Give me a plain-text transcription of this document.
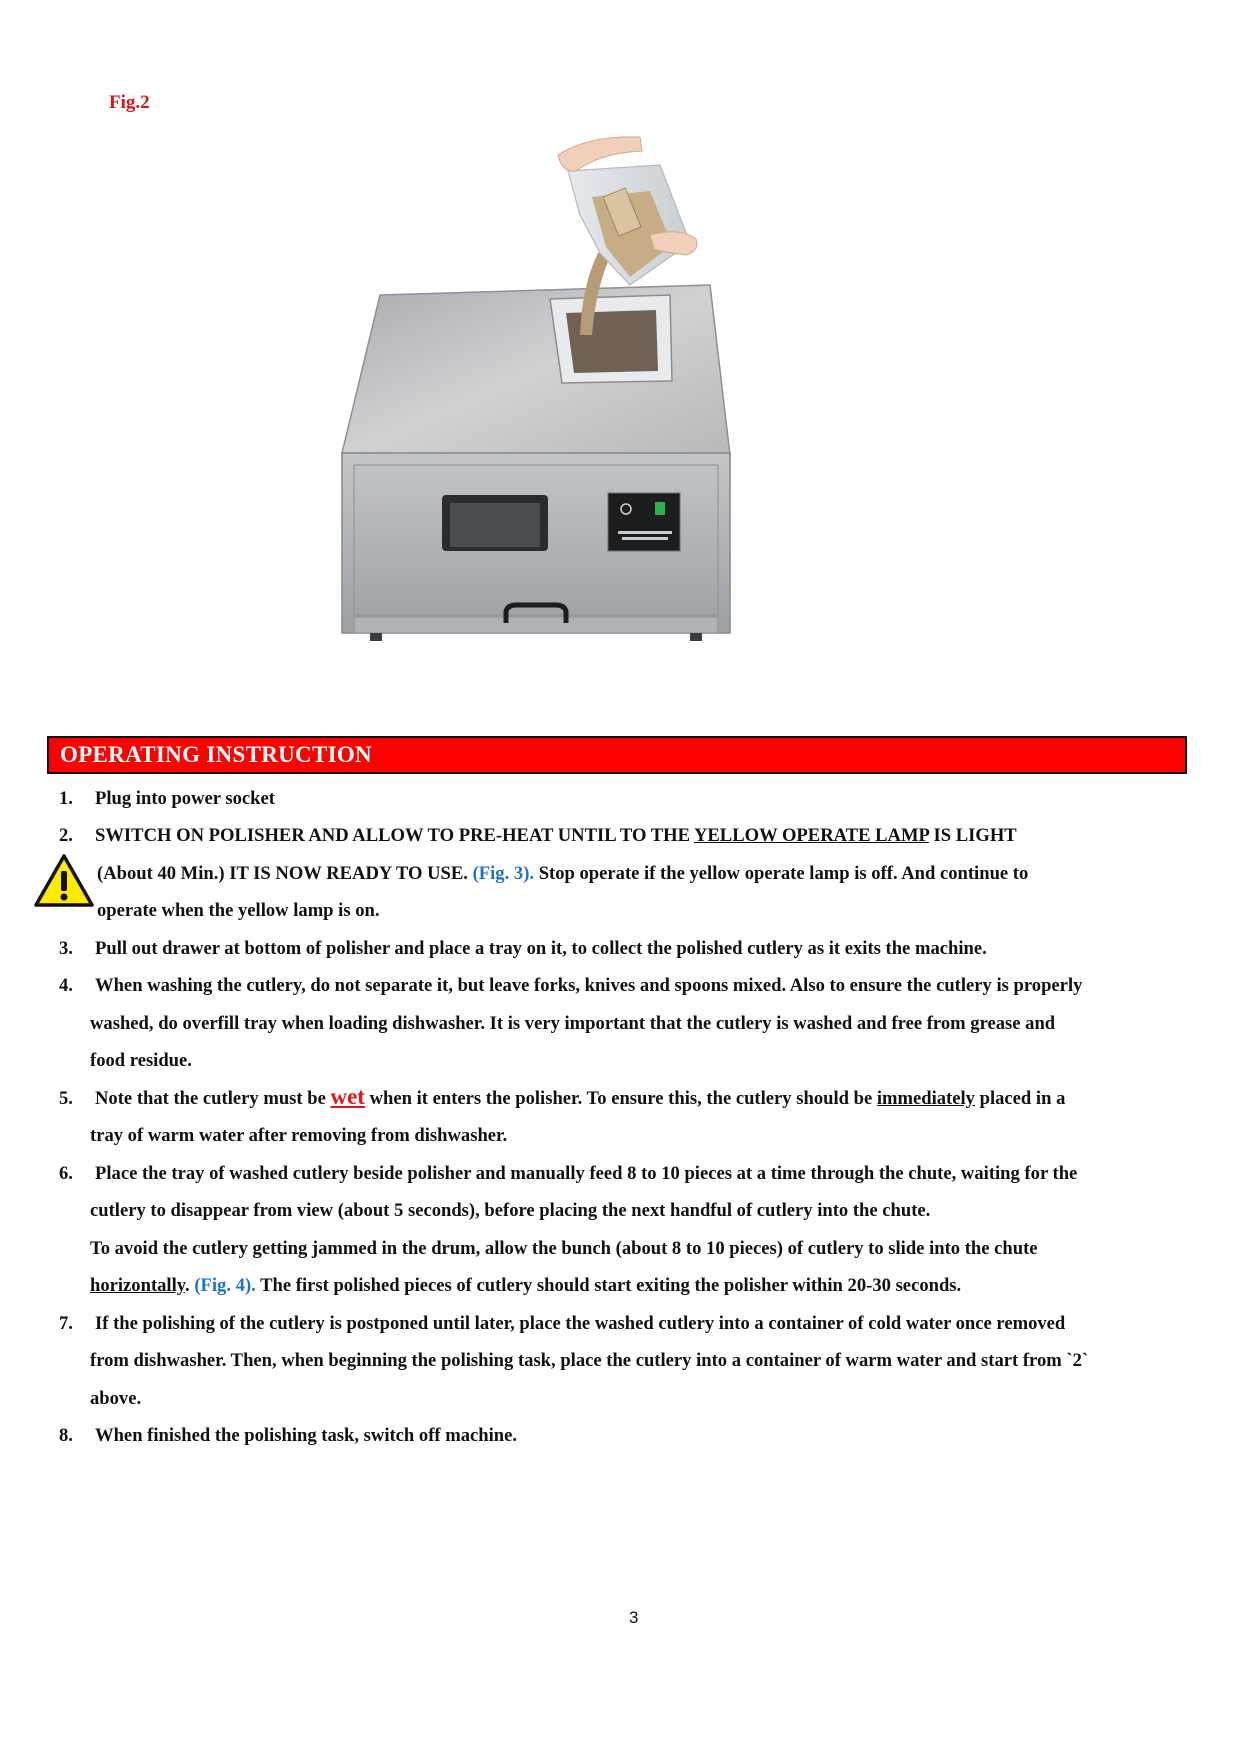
Fig.2
OPERATING INSTRUCTION
1. Plug into power socket
2. SWITCH ON POLISHER AND ALLOW TO PRE-HEAT UNTIL TO THE YELLOW OPERATE LAMP IS LIGHT
(About 40 Min.) IT IS NOW READY TO USE. (Fig. 3). Stop operate if the yellow operate lamp is off. And continue to
operate when the yellow lamp is on.
3. Pull out drawer at bottom of polisher and place a tray on it, to collect the polished cutlery as it exits the machine.
4. When washing the cutlery, do not separate it, but leave forks, knives and spoons mixed. Also to ensure the cutlery is properly
washed, do overfill tray when loading dishwasher. It is very important that the cutlery is washed and free from grease and
food residue.
5. Note that the cutlery must be wet when it enters the polisher. To ensure this, the cutlery should be immediately placed in a
tray of warm water after removing from dishwasher.
6. Place the tray of washed cutlery beside polisher and manually feed 8 to 10 pieces at a time through the chute, waiting for the
cutlery to disappear from view (about 5 seconds), before placing the next handful of cutlery into the chute.
To avoid the cutlery getting jammed in the drum, allow the bunch (about 8 to 10 pieces) of cutlery to slide into the chute
horizontally. (Fig. 4). The first polished pieces of cutlery should start exiting the polisher within 20-30 seconds.
7. If the polishing of the cutlery is postponed until later, place the washed cutlery into a container of cold water once removed
from dishwasher. Then, when beginning the polishing task, place the cutlery into a container of warm water and start from `2`
above.
8. When finished the polishing task, switch off machine.
3
